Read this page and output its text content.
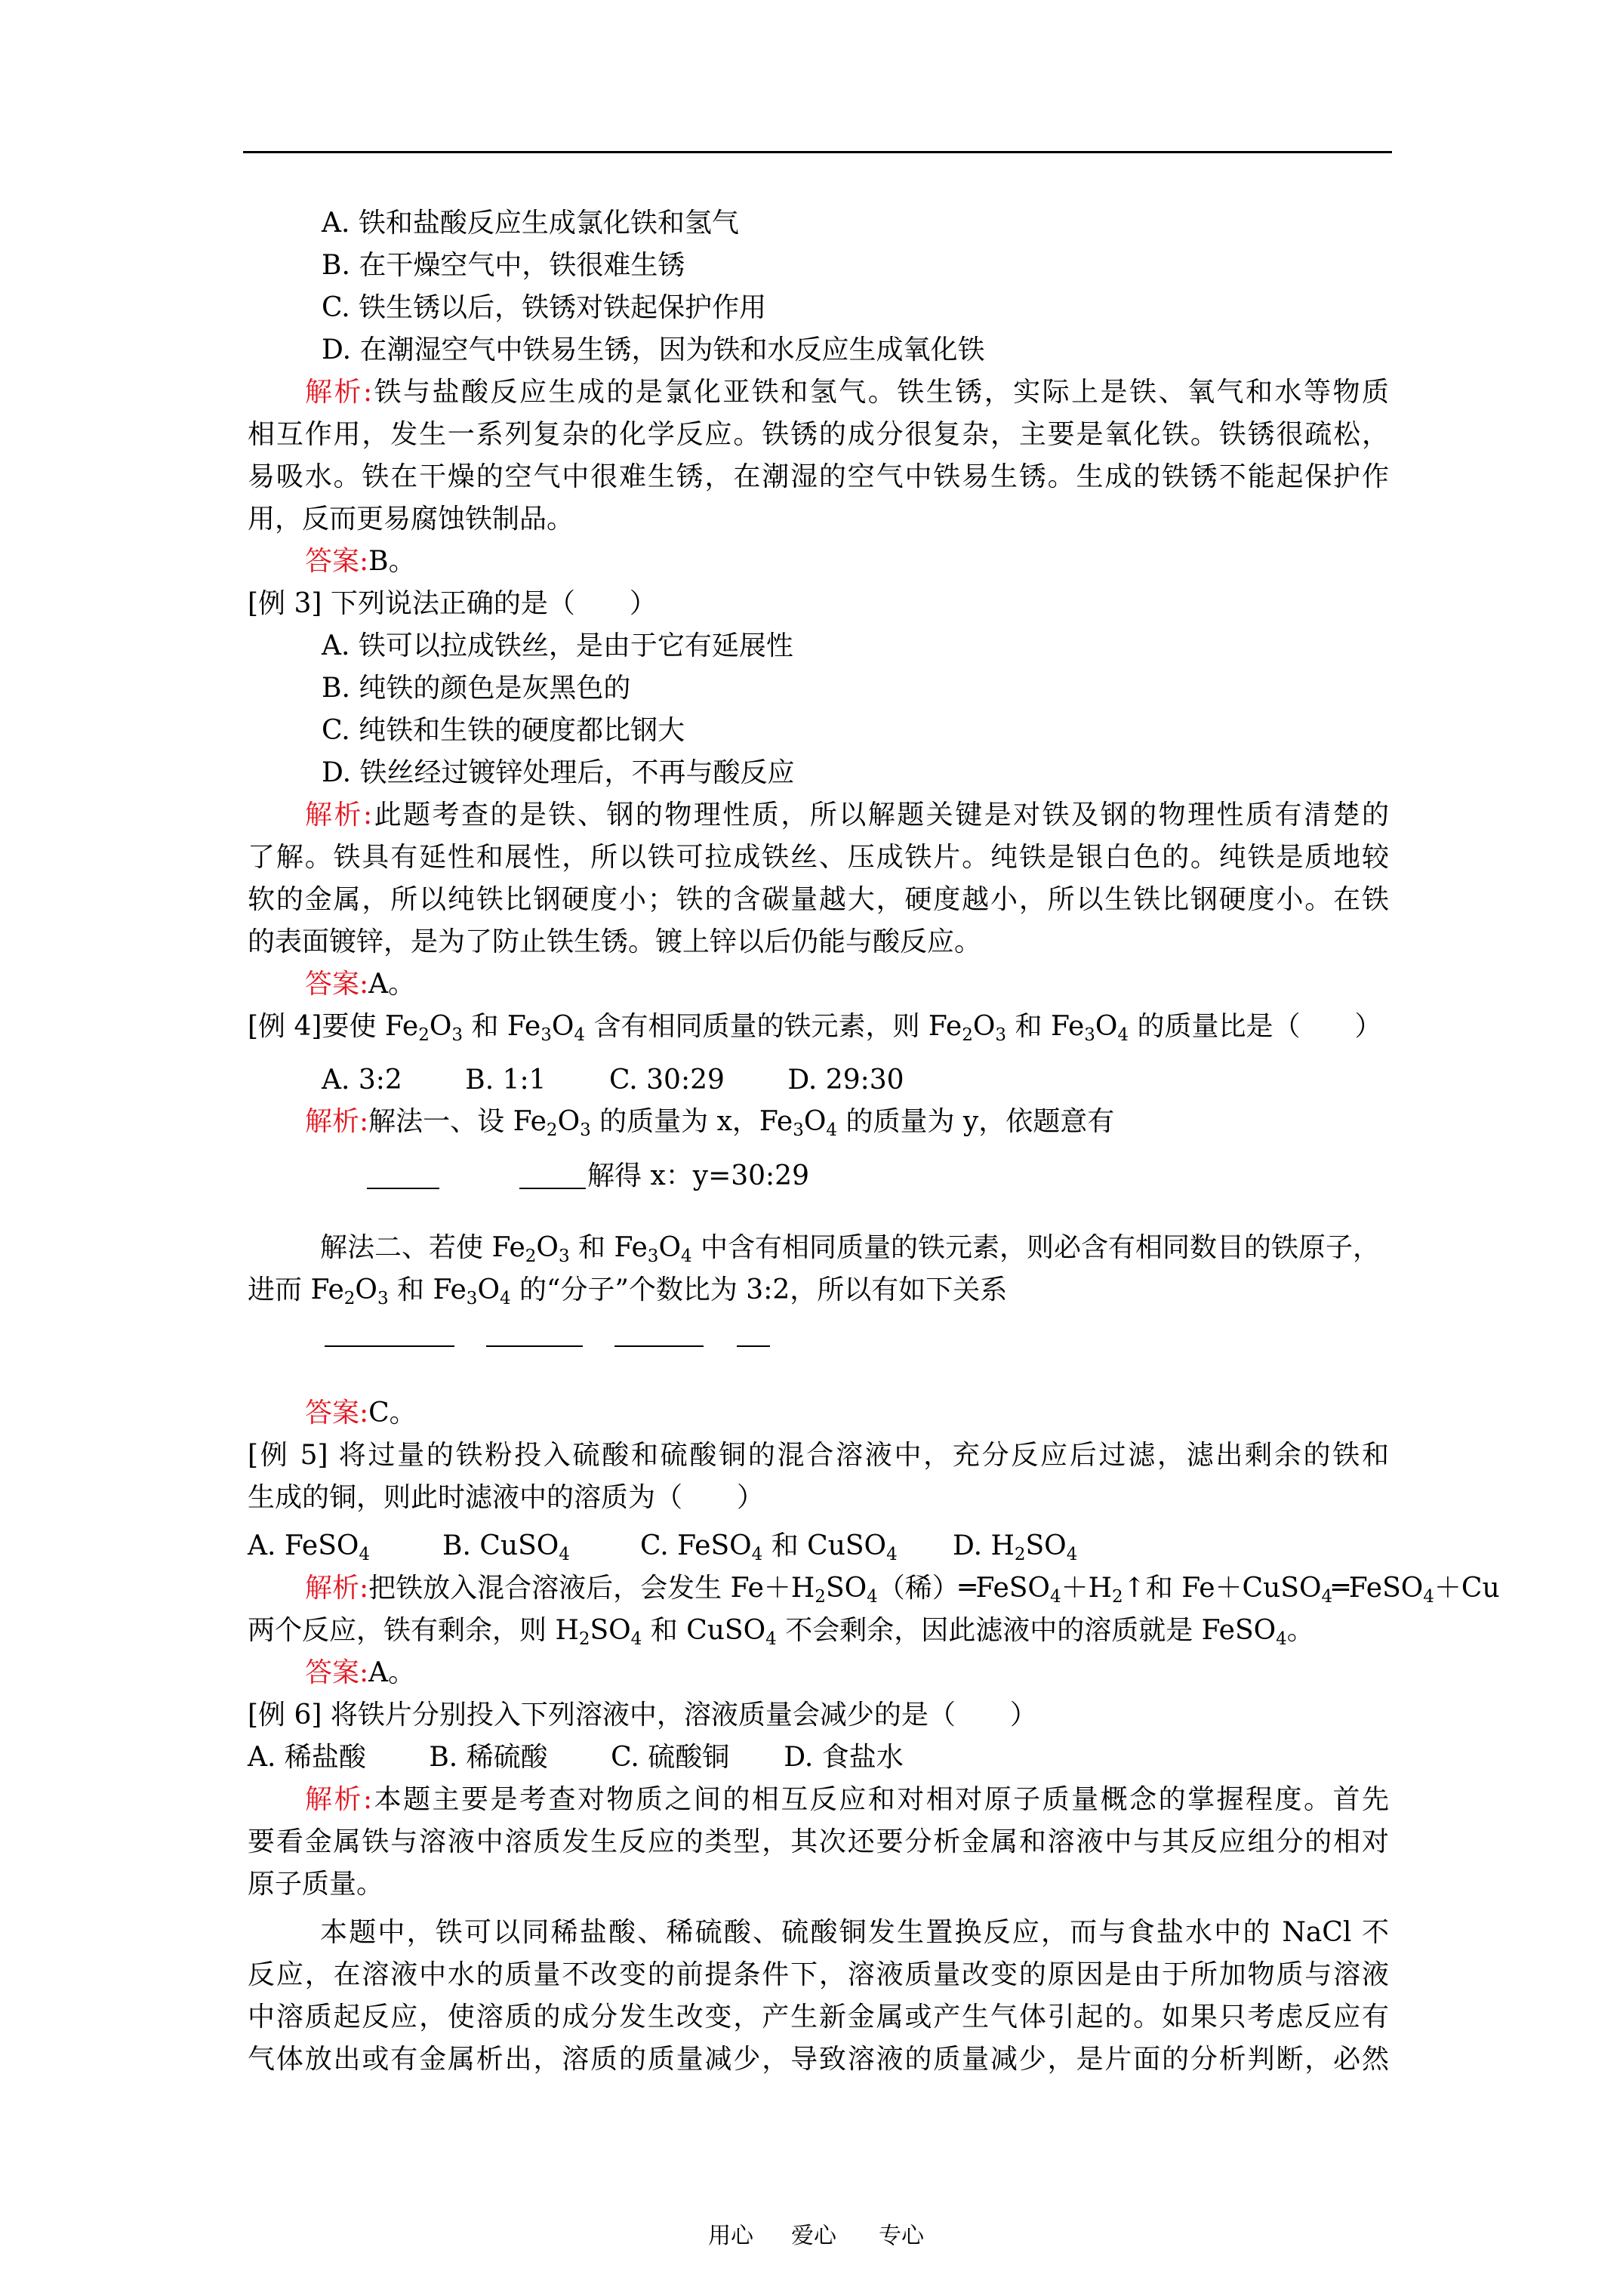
A. 铁和盐酸反应生成氯化铁和氢气
B. 在干燥空气中，铁很难生锈
C. 铁生锈以后，铁锈对铁起保护作用
D. 在潮湿空气中铁易生锈，因为铁和水反应生成氧化铁
解析:铁与盐酸反应生成的是氯化亚铁和氢气。铁生锈，实际上是铁、氧气和水等物质
相互作用，发生一系列复杂的化学反应。铁锈的成分很复杂，主要是氧化铁。铁锈很疏松，
易吸水。铁在干燥的空气中很难生锈，在潮湿的空气中铁易生锈。生成的铁锈不能起保护作
用，反而更易腐蚀铁制品。
答案:B。
[例 3] 下列说法正确的是（　　）
A. 铁可以拉成铁丝，是由于它有延展性
B. 纯铁的颜色是灰黑色的
C. 纯铁和生铁的硬度都比钢大
D. 铁丝经过镀锌处理后，不再与酸反应
解析:此题考查的是铁、钢的物理性质，所以解题关键是对铁及钢的物理性质有清楚的
了解。铁具有延性和展性，所以铁可拉成铁丝、压成铁片。纯铁是银白色的。纯铁是质地较
软的金属，所以纯铁比钢硬度小；铁的含碳量越大，硬度越小，所以生铁比钢硬度小。在铁
的表面镀锌，是为了防止铁生锈。镀上锌以后仍能与酸反应。
答案:A。
[例 4]要使 $Fe_2O_3$ 和 $Fe_3O_4$ 含有相同质量的铁元素，则 $Fe_2O_3$ 和 $Fe_3O_4$ 的质量比是（　　）
A. 3:2　　 B. 1:1　　 C. 30:29　　 D. 29:30
解析:解法一、设 $Fe_2O_3$ 的质量为 x，$Fe_3O_4$ 的质量为 y，依题意有
解得 x：y=30:29
解法二、若使 $Fe_2O_3$ 和 $Fe_3O_4$ 中含有相同质量的铁元素，则必含有相同数目的铁原子，
进而 $Fe_2O_3$ 和 $Fe_3O_4$ 的“分子”个数比为 3:2，所以有如下关系
答案:C。
[例 5] 将过量的铁粉投入硫酸和硫酸铜的混合溶液中，充分反应后过滤，滤出剩余的铁和
生成的铜，则此时滤液中的溶质为（　　）
A. FeSO$_4$	B. CuSO$_4$	C. FeSO$_4$ 和 CuSO$_4$ D. $H_2SO_4$
解析:把铁放入混合溶液后，会发生 $Fe+H_2SO_4$（稀）$═FeSO_4+H_2↑$和 Fe＋CuSO$_4$═FeSO$_4$＋Cu
两个反应，铁有剩余，则 $H_2SO_4$ 和 CuSO$_4$ 不会剩余，因此滤液中的溶质就是 FeSO$_4$。
答案:A。
[例 6] 将铁片分别投入下列溶液中，溶液质量会减少的是（　　）
A. 稀盐酸　　 B. 稀硫酸　　 C. 硫酸铜　　D. 食盐水
解析:本题主要是考查对物质之间的相互反应和对相对原子质量概念的掌握程度。首先
要看金属铁与溶液中溶质发生反应的类型，其次还要分析金属和溶液中与其反应组分的相对
原子质量。
本题中，铁可以同稀盐酸、稀硫酸、硫酸铜发生置换反应，而与食盐水中的 NaCl 不
反应，在溶液中水的质量不改变的前提条件下，溶液质量改变的原因是由于所加物质与溶液
中溶质起反应，使溶质的成分发生改变，产生新金属或产生气体引起的。如果只考虑反应有
气体放出或有金属析出，溶质的质量减少，导致溶液的质量减少，是片面的分析判断，必然
用心 爱心 专心
